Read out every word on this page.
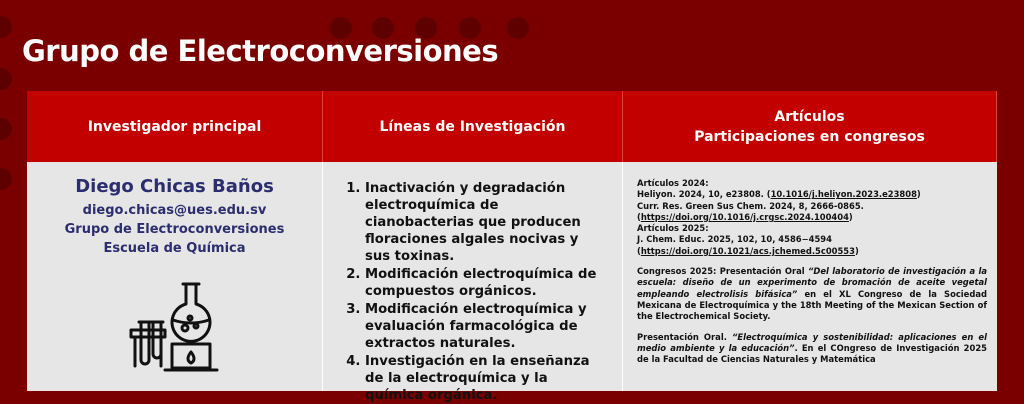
Grupo de Electroconversiones
Investigador principal	Líneas de Investigación
Artículos
Participaciones en congresos
Diego Chicas Baños
diego.chicas@ues.edu.sv
Grupo de Electroconversiones
Escuela de Química
1. Inactivación y degradación electroquímica de cianobacterias que producen floraciones algales nocivas y sus toxinas.
2. Modificación electroquímica de compuestos orgánicos.
3. Modificación electroquímica y evaluación farmacológica de extractos naturales.
4. Investigación en la enseñanza de la electroquímica y la química orgánica.

Artículos 2024:

Heliyon. 2024, 10, e23808. (10.1016/j.heliyon.2023.e23808)

Curr. Res. Green Sus Chem. 2024, 8, 2666-0865.

(https://doi.org/10.1016/j.crgsc.2024.100404)

Artículos 2025:

J. Chem. Educ. 2025, 102, 10, 4586−4594

(https://doi.org/10.1021/acs.jchemed.5c00553)

Congresos 2025: Presentación Oral “Del laboratorio de investigación a la escuela: diseño de un experimento de bromación de aceite vegetal empleando electrolisis bifásica” en el XL Congreso de la Sociedad Mexicana de Electroquímica y the 18th Meeting of the Mexican Section of the Electrochemical Society.

Presentación Oral. “Electroquímica y sostenibilidad: aplicaciones en el medio ambiente y la educación”. En el COngreso de Investigación 2025 de la Facultad de Ciencias Naturales y Matemática
